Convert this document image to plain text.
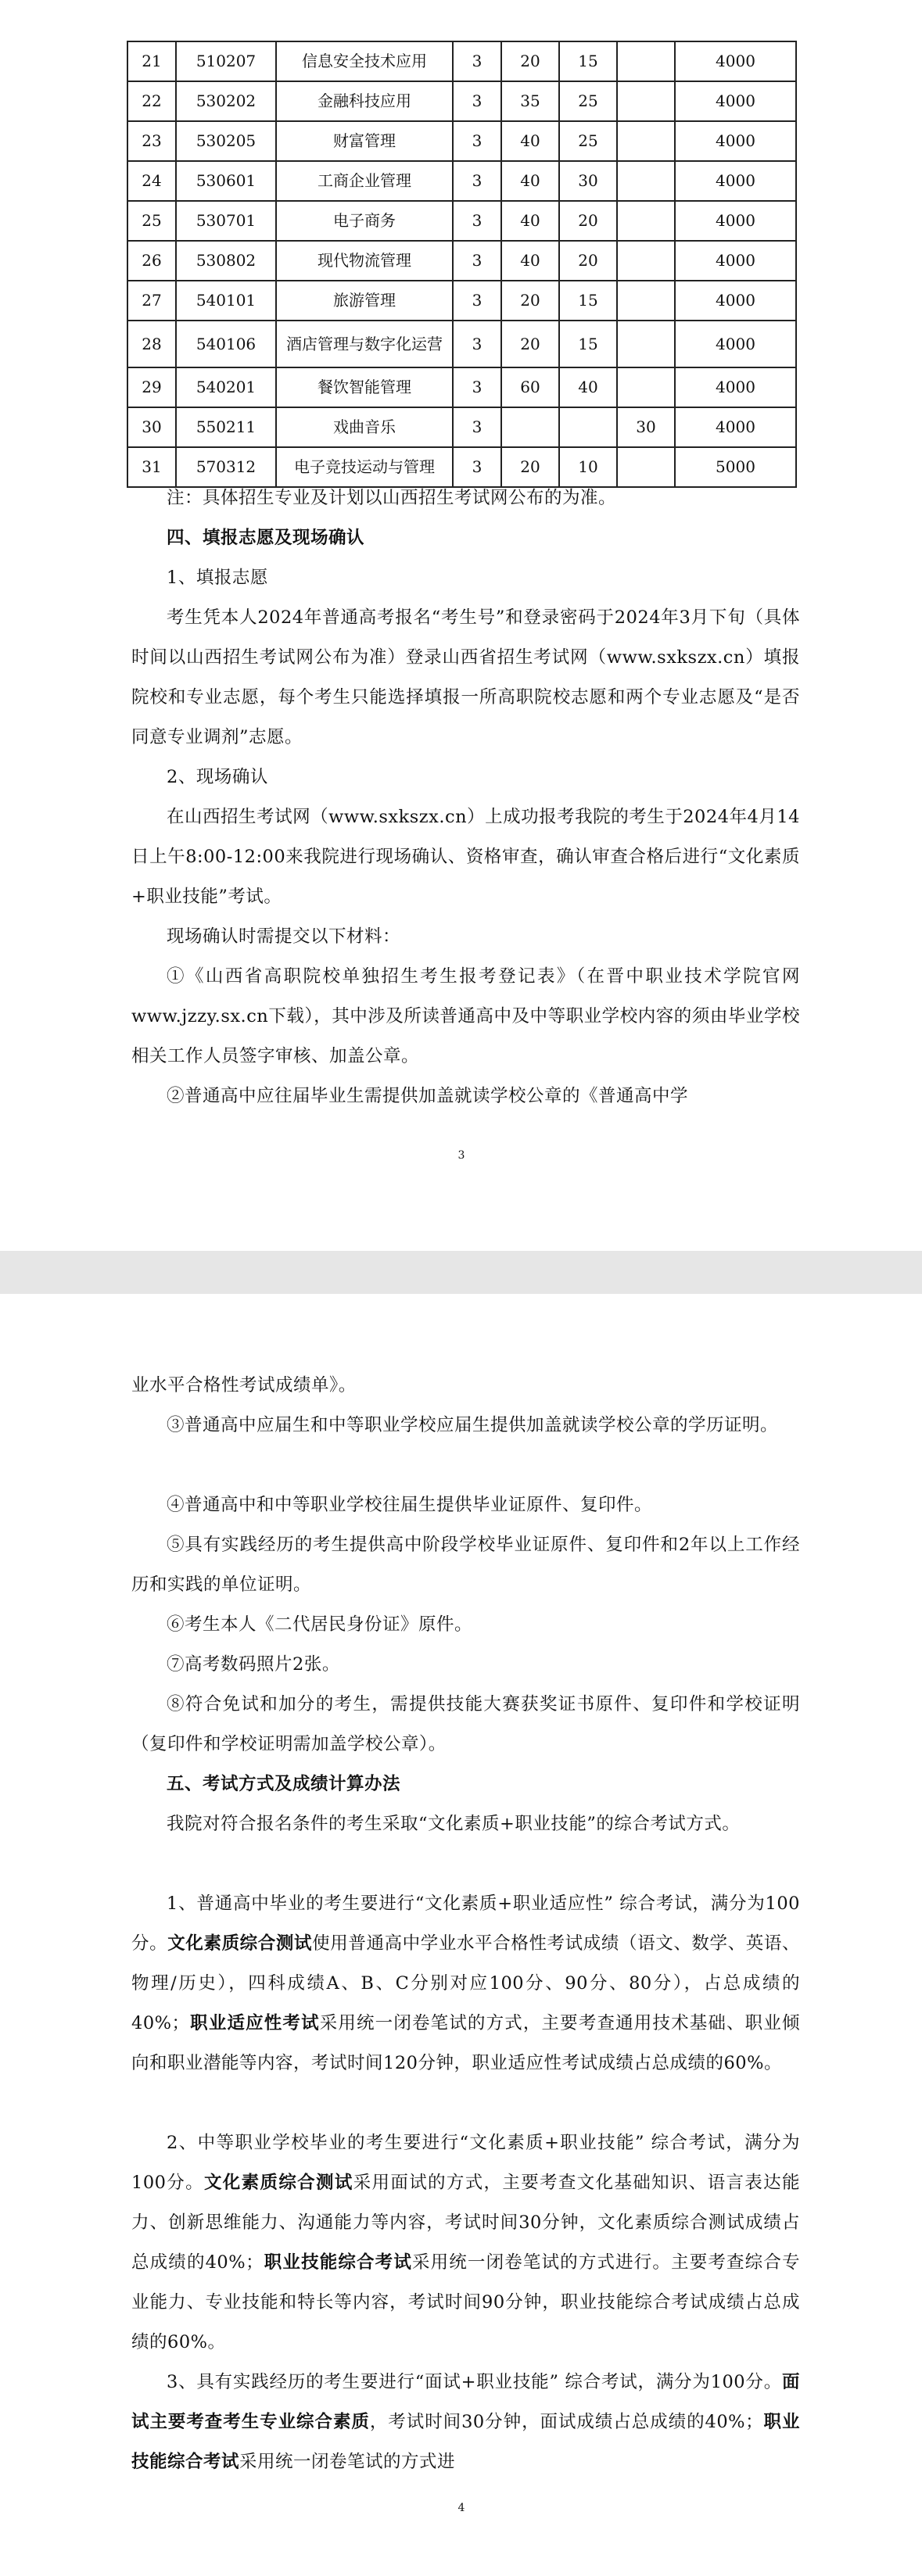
21	510207	信息安全技术应用	3	20	15		4000
22	530202	金融科技应用	3	35	25		4000
23	530205	财富管理	3	40	25		4000
24	530601	工商企业管理	3	40	30		4000
25	530701	电子商务	3	40	20		4000
26	530802	现代物流管理	3	40	20		4000
27	540101	旅游管理	3	20	15		4000
28	540106	酒店管理与数字化运营	3	20	15		4000
29	540201	餐饮智能管理	3	60	40		4000
30	550211	戏曲音乐	3			30	4000
31	570312	电子竞技运动与管理	3	20	10		5000
注：具体招生专业及计划以山西招生考试网公布的为准。
四、填报志愿及现场确认
1、填报志愿
考生凭本人2024年普通高考报名“考生号”和登录密码于2024年3月下旬（具体时间以山西招生考试网公布为准）登录山西省招生考试网（www.sxkszx.cn）填报院校和专业志愿，每个考生只能选择填报一所高职院校志愿和两个专业志愿及“是否同意专业调剂”志愿。
2、现场确认
在山西招生考试网（www.sxkszx.cn）上成功报考我院的考生于2024年4月14日上午8:00-12:00来我院进行现场确认、资格审查，确认审查合格后进行“文化素质+职业技能”考试。
现场确认时需提交以下材料：
①《山西省高职院校单独招生考生报考登记表》（在晋中职业技术学院官网www.jzzy.sx.cn下载），其中涉及所读普通高中及中等职业学校内容的须由毕业学校相关工作人员签字审核、加盖公章。
②普通高中应往届毕业生需提供加盖就读学校公章的《普通高中学
3
业水平合格性考试成绩单》。
③普通高中应届生和中等职业学校应届生提供加盖就读学校公章的学历证明。
④普通高中和中等职业学校往届生提供毕业证原件、复印件。
⑤具有实践经历的考生提供高中阶段学校毕业证原件、复印件和2年以上工作经历和实践的单位证明。
⑥考生本人《二代居民身份证》原件。
⑦高考数码照片2张。
⑧符合免试和加分的考生，需提供技能大赛获奖证书原件、复印件和学校证明（复印件和学校证明需加盖学校公章）。
五、考试方式及成绩计算办法
我院对符合报名条件的考生采取“文化素质+职业技能”的综合考试方式。
1、普通高中毕业的考生要进行“文化素质+职业适应性” 综合考试，满分为100分。文化素质综合测试使用普通高中学业水平合格性考试成绩（语文、数学、英语、物理/历史），四科成绩A、B、C分别对应100分、90分、80分），占总成绩的40%；职业适应性考试采用统一闭卷笔试的方式，主要考查通用技术基础、职业倾向和职业潜能等内容，考试时间120分钟，职业适应性考试成绩占总成绩的60%。
2、中等职业学校毕业的考生要进行“文化素质+职业技能” 综合考试，满分为100分。文化素质综合测试采用面试的方式，主要考查文化基础知识、语言表达能力、创新思维能力、沟通能力等内容，考试时间30分钟，文化素质综合测试成绩占总成绩的40%；职业技能综合考试采用统一闭卷笔试的方式进行。主要考查综合专业能力、专业技能和特长等内容，考试时间90分钟，职业技能综合考试成绩占总成绩的60%。
3、具有实践经历的考生要进行“面试+职业技能” 综合考试，满分为100分。面试主要考查考生专业综合素质，考试时间30分钟，面试成绩占总成绩的40%；职业技能综合考试采用统一闭卷笔试的方式进
4
